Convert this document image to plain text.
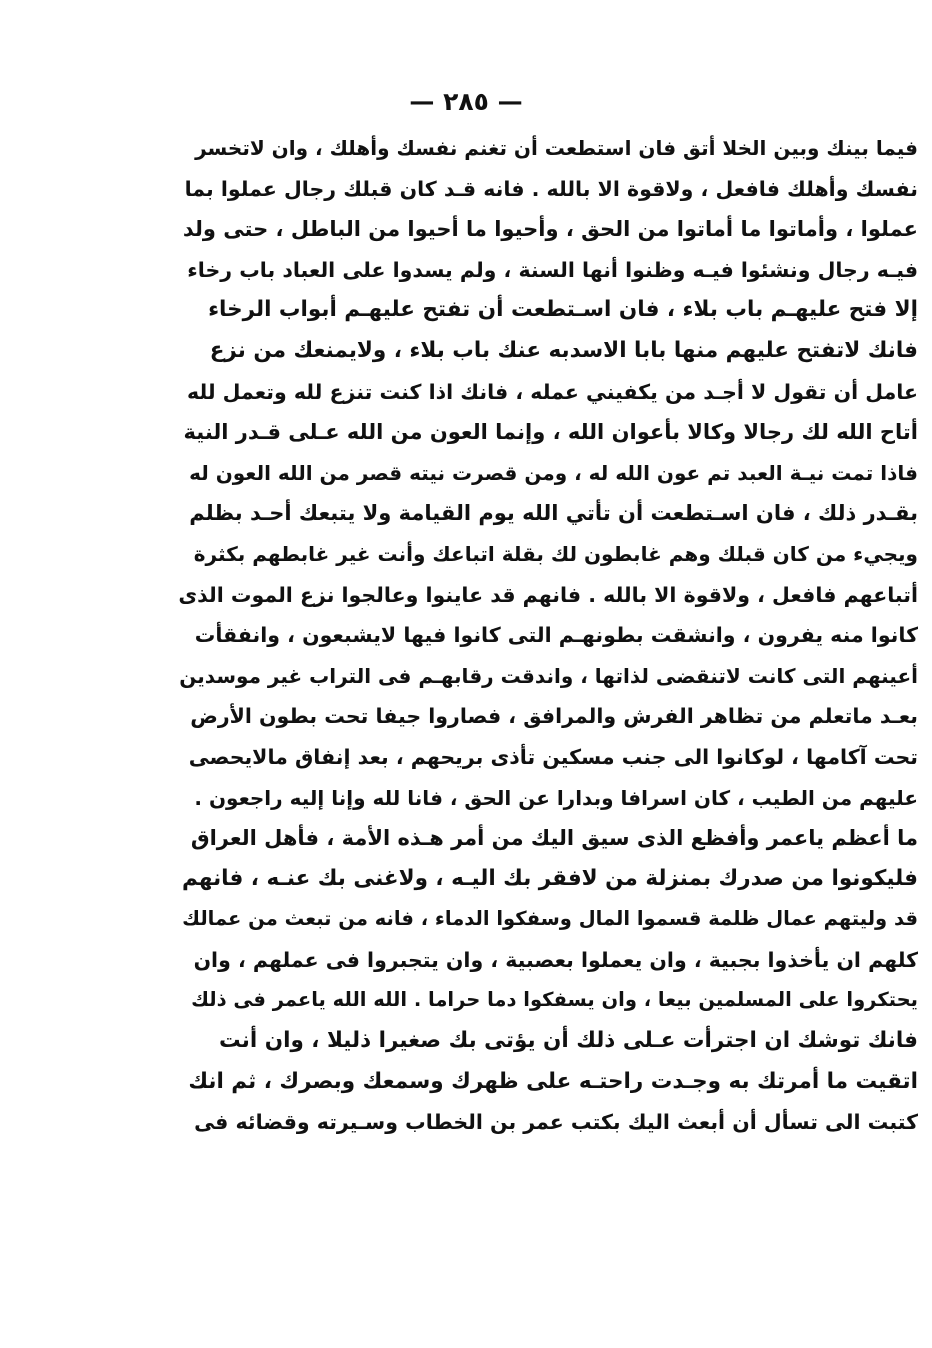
— ٢٨٥ —
فيما بينك وبين الخلا أتق فان استطعت أن تغنم نفسك وأهلك ، وان لاتخسر
نفسك وأهلك فافعل ، ولاقوة الا بالله . فانه قـد كان قبلك رجال عملوا بما
عملوا ، وأماتوا ما أماتوا من الحق ، وأحيوا ما أحيوا من الباطل ، حتى ولد
فيـه رجال ونشئوا فيـه وظنوا أنها السنة ، ولم يسدوا على العباد باب رخاء
إلا فتح عليهـم باب بلاء ، فان اسـتطعت أن تفتح عليهـم أبواب الرخاء
فانك لاتفتح عليهم منها بابا الاسدبه عنك باب بلاء ، ولايمنعك من نزع
عامل أن تقول لا أجـد من يكفيني عمله ، فانك اذا كنت تنزع لله وتعمل لله
أتاح الله لك رجالا وكالا بأعوان الله ، وإنما العون من الله عـلى قـدر النية
فاذا تمت نيـة العبد تم عون الله له ، ومن قصرت نيته قصر من الله العون له
بقـدر ذلك ، فان اسـتطعت أن تأتي الله يوم القيامة ولا يتبعك أحـد بظلم
ويجيء من كان قبلك وهم غابطون لك بقلة اتباعك وأنت غير غابطهم بكثرة
أتباعهم فافعل ، ولاقوة الا بالله . فانهم قد عاينوا وعالجوا نزع الموت الذى
كانوا منه يفرون ، وانشقت بطونهـم التى كانوا فيها لايشبعون ، وانفقأت
أعينهم التى كانت لاتنقضى لذاتها ، واندقت رقابهـم فى التراب غير موسدين
بعـد ماتعلم من تظاهر الفرش والمرافق ، فصاروا جيفا تحت بطون الأرض
تحت آكامها ، لوكانوا الى جنب مسكين تأذى بريحهم ، بعد إنفاق مالايحصى
عليهم من الطيب ، كان اسرافا وبدارا عن الحق ، فانا لله وإنا إليه راجعون .
ما أعظم ياعمر وأفظع الذى سيق اليك من أمر هـذه الأمة ، فأهل العراق
فليكونوا من صدرك بمنزلة من لافقر بك اليـه ، ولاغنى بك عنـه ، فانهم
قد وليتهم عمال ظلمة قسموا المال وسفكوا الدماء ، فانه من تبعث من عمالك
كلهم ان يأخذوا بجبية ، وان يعملوا بعصبية ، وان يتجبروا فى عملهم ، وان
يحتكروا على المسلمين بيعا ، وان يسفكوا دما حراما . الله الله ياعمر فى ذلك
فانك توشك ان اجترأت عـلى ذلك أن يؤتى بك صغيرا ذليلا ، وان أنت
اتقيت ما أمرتك به وجـدت راحتـه على ظهرك وسمعك وبصرك ، ثم انك
كتبت الى تسأل أن أبعث اليك بكتب عمر بن الخطاب وسـيرته وقضائه فى
